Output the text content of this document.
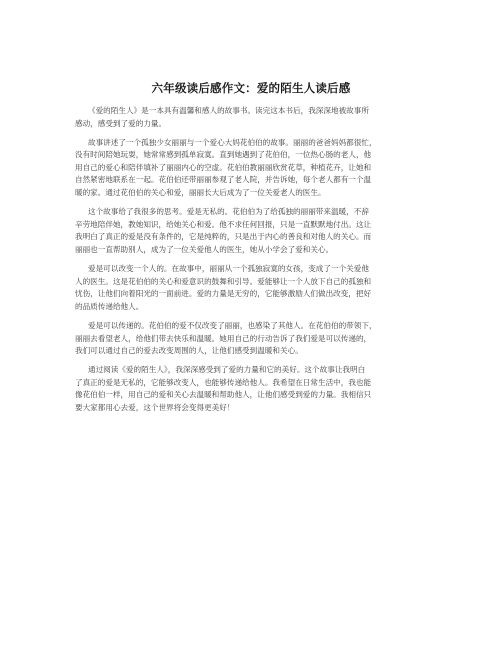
六年级读后感作文：爱的陌生人读后感
《爱的陌生人》是一本具有温馨和感人的故事书。读完这本书后，我深深地被故事所
感动，感受到了爱的力量。
故事讲述了一个孤独少女丽丽与一个爱心大妈花伯伯的故事。丽丽的爸爸妈妈都很忙，
没有时间陪她玩耍，她常常感到孤单寂寞。直到她遇到了花伯伯，一位热心肠的老人，他
用自己的爱心和陪伴填补了丽丽内心的空虚。花伯伯教丽丽欣赏花草，种植花卉，让她和
自然紧密地联系在一起。花伯伯还带丽丽参观了老人院，并告诉她，每个老人都有一个温
暖的家。通过花伯伯的关心和爱，丽丽长大后成为了一位关爱老人的医生。
这个故事给了我很多的思考。爱是无私的。花伯伯为了给孤独的丽丽带来温暖，不辞
辛劳地陪伴她，教她知识，给她关心和爱。他不求任何回报，只是一直默默地付出。这让
我明白了真正的爱是没有条件的，它是纯粹的，只是出于内心的善良和对他人的关心。而
丽丽也一直帮助别人，成为了一位关爱他人的医生，她从小学会了爱和关心。
爱是可以改变一个人的。在故事中，丽丽从一个孤独寂寞的女孩，变成了一个关爱他
人的医生。这是花伯伯的关心和爱意识的鼓舞和引导。爱能够让一个人放下自己的孤独和
忧伤，让他们向着阳光的一面前进。爱的力量是无穷的，它能够激励人们做出改变，把好
的品质传递给他人。
爱是可以传递的。花伯伯的爱不仅改变了丽丽，也感染了其他人。在花伯伯的带领下，
丽丽去看望老人，给他们带去快乐和温暖。她用自己的行动告诉了我们爱是可以传递的，
我们可以通过自己的爱去改变周围的人，让他们感受到温暖和关心。
通过阅读《爱的陌生人》，我深深感受到了爱的力量和它的美好。这个故事让我明白
了真正的爱是无私的，它能够改变人，也能够传递给他人。我希望在日常生活中，我也能
像花伯伯一样，用自己的爱和关心去温暖和帮助他人，让他们感受到爱的力量。我相信只
要大家都用心去爱，这个世界将会变得更美好！
